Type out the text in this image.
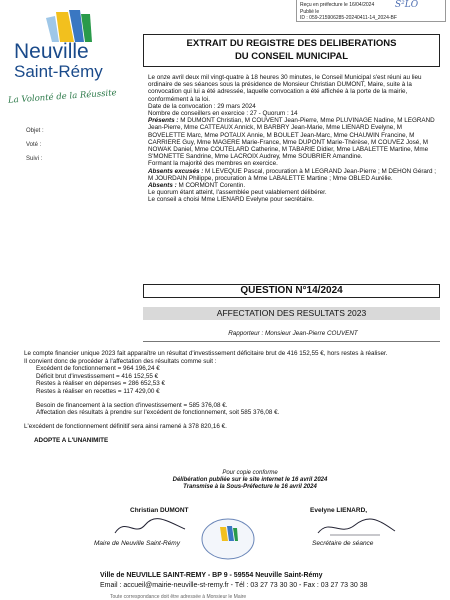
Reçu en préfecture le 16/04/2024
Publié le
ID : 059-215906285-20240411-14_2024-BF
S²LO
Neuville
Saint-Rémy
La Volonté de la Réussite
Objet :
Voté :
Suivi :
EXTRAIT DU REGISTRE DES DELIBERATIONS
DU CONSEIL MUNICIPAL

Le onze avril deux mil vingt-quatre à 18 heures 30 minutes, le Conseil Municipal s'est réuni au lieu ordinaire de ses séances sous la présidence de Monsieur Christian DUMONT, Maire, suite à la convocation qui lui a été adressée, laquelle convocation a été affichée à la porte de la mairie, conformément à la loi.

Date de la convocation : 29 mars 2024

Nombre de conseillers en exercice : 27 - Quorum : 14

Présents : M DUMONT Christian, M COUVENT Jean-Pierre, Mme PLUVINAGE Nadine, M LEGRAND Jean-Pierre, Mme CATTEAUX Annick, M BARBRY Jean-Marie, Mme LIENARD Evelyne, M BOVELETTE Marc, Mme POTAUX Annie, M BOULET Jean-Marc, Mme CHAUWIN Francine, M CARRIERE Guy, Mme MAGERE Marie-France, Mme DUPONT Marie-Thérèse, M COUVEZ José, M NOWAK Daniel, Mme COUTELARD Catherine, M TABARIE Didier, Mme LABALETTE Martine, Mme S'MONETTE Sandrine, Mme LACROIX Audrey, Mme SOUBRIER Amandine.

Formant la majorité des membres en exercice.

Absents excusés : M LEVEQUE Pascal, procuration à M LEGRAND Jean-Pierre ; M DEHON Gérard ; M JOURDAIN Philippe, procuration à Mme LABALETTE Martine ; Mme OBLED Aurélie.

Absents : M CORMONT Corentin.

Le quorum étant atteint, l'assemblée peut valablement délibérer.

Le conseil a choisi Mme LIENARD Evelyne pour secrétaire.

QUESTION N°14/2024
AFFECTATION DES RESULTATS 2023
Rapporteur : Monsieur Jean-Pierre COUVENT

Le compte financier unique 2023 fait apparaître un résultat d'investissement déficitaire brut de 416 152,55 €, hors restes à réaliser.

Il convient donc de procéder à l'affectation des résultats comme suit :

Excédent de fonctionnement = 964 196,24 €

Déficit brut d'investissement = 416 152,55 €

Restes à réaliser en dépenses = 286 652,53 €

Restes à réaliser en recettes = 117 429,00 €

Besoin de financement à la section d'investissement = 585 376,08 €.

Affectation des résultats à prendre sur l'excédent de fonctionnement, soit 585 376,08 €.

L'excédent de fonctionnement définitif sera ainsi ramené à 378 820,16 €.

ADOPTE A L'UNANIMITE

Pour copie conforme
Délibération publiée sur le site internet le 16 avril 2024
Transmise à la Sous-Préfecture le 16 avril 2024
Christian DUMONT	Evelyne LIENARD,
Maire de Neuville Saint-Rémy	Secrétaire de séance
Ville de NEUVILLE SAINT-REMY - BP 9 - 59554 Neuville Saint-Rémy
Email : accueil@mairie-neuville-st-remy.fr - Tél : 03 27 73 30 30 - Fax : 03 27 73 30 38
Toute correspondance doit être adressée à Monsieur le Maire
